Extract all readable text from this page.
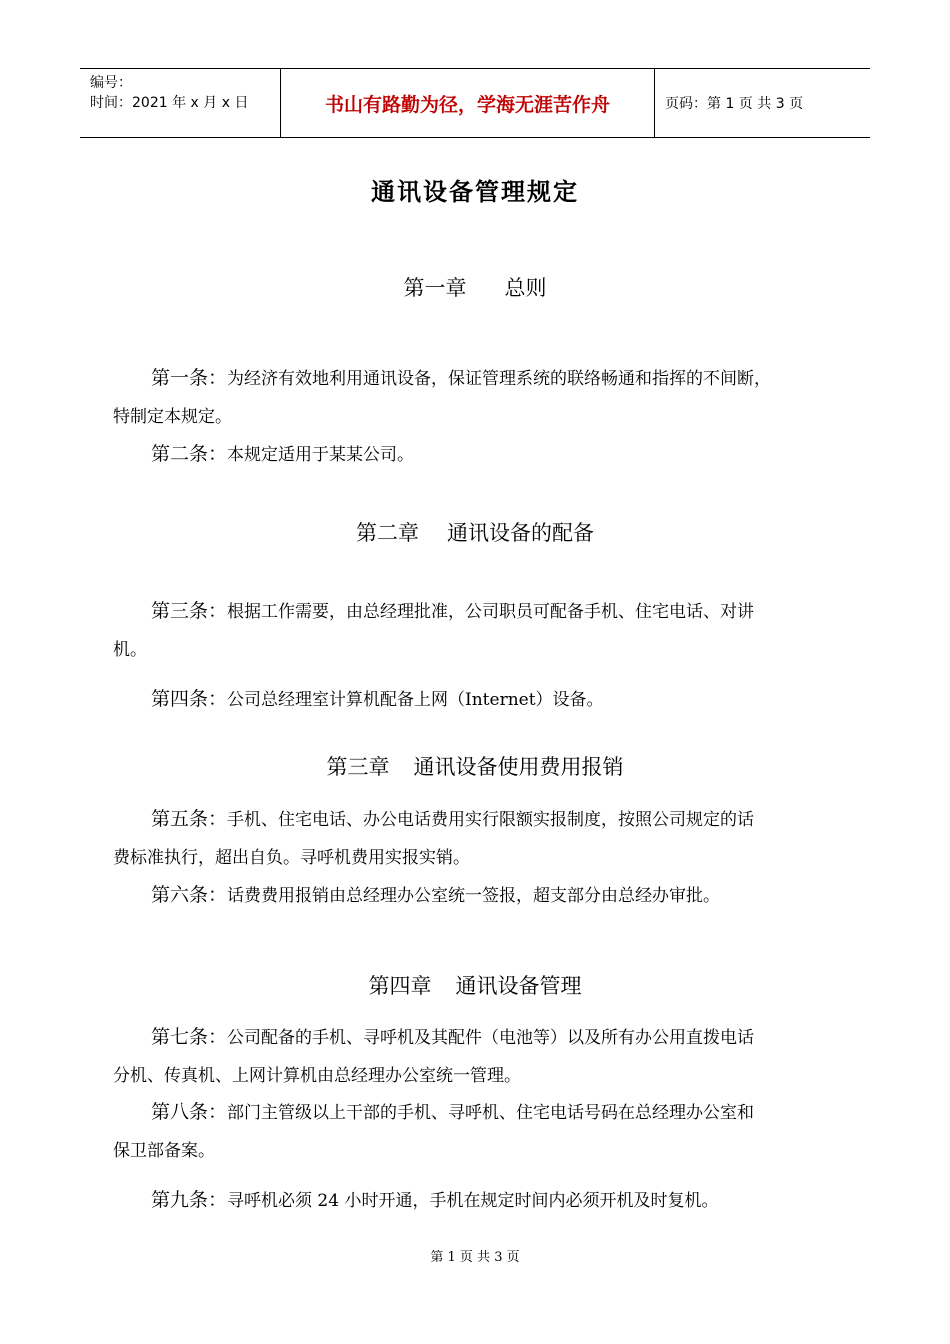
编号：
时间：2021 年 x 月 x 日	书山有路勤为径，学海无涯苦作舟	页码：第 1 页 共 3 页
通讯设备管理规定
第一章 总则
第一条：为经济有效地利用通讯设备，保证管理系统的联络畅通和指挥的不间断，
特制定本规定。
第二条：本规定适用于某某公司。
第二章 通讯设备的配备
第三条：根据工作需要，由总经理批准，公司职员可配备手机、住宅电话、对讲
机。
第四条：公司总经理室计算机配备上网（Internet）设备。
第三章 通讯设备使用费用报销
第五条：手机、住宅电话、办公电话费用实行限额实报制度，按照公司规定的话
费标准执行，超出自负。寻呼机费用实报实销。
第六条：话费费用报销由总经理办公室统一签报，超支部分由总经办审批。
第四章 通讯设备管理
第七条：公司配备的手机、寻呼机及其配件（电池等）以及所有办公用直拨电话
分机、传真机、上网计算机由总经理办公室统一管理。
第八条：部门主管级以上干部的手机、寻呼机、住宅电话号码在总经理办公室和
保卫部备案。
第九条：寻呼机必须 24 小时开通，手机在规定时间内必须开机及时复机。
第 1 页 共 3 页
